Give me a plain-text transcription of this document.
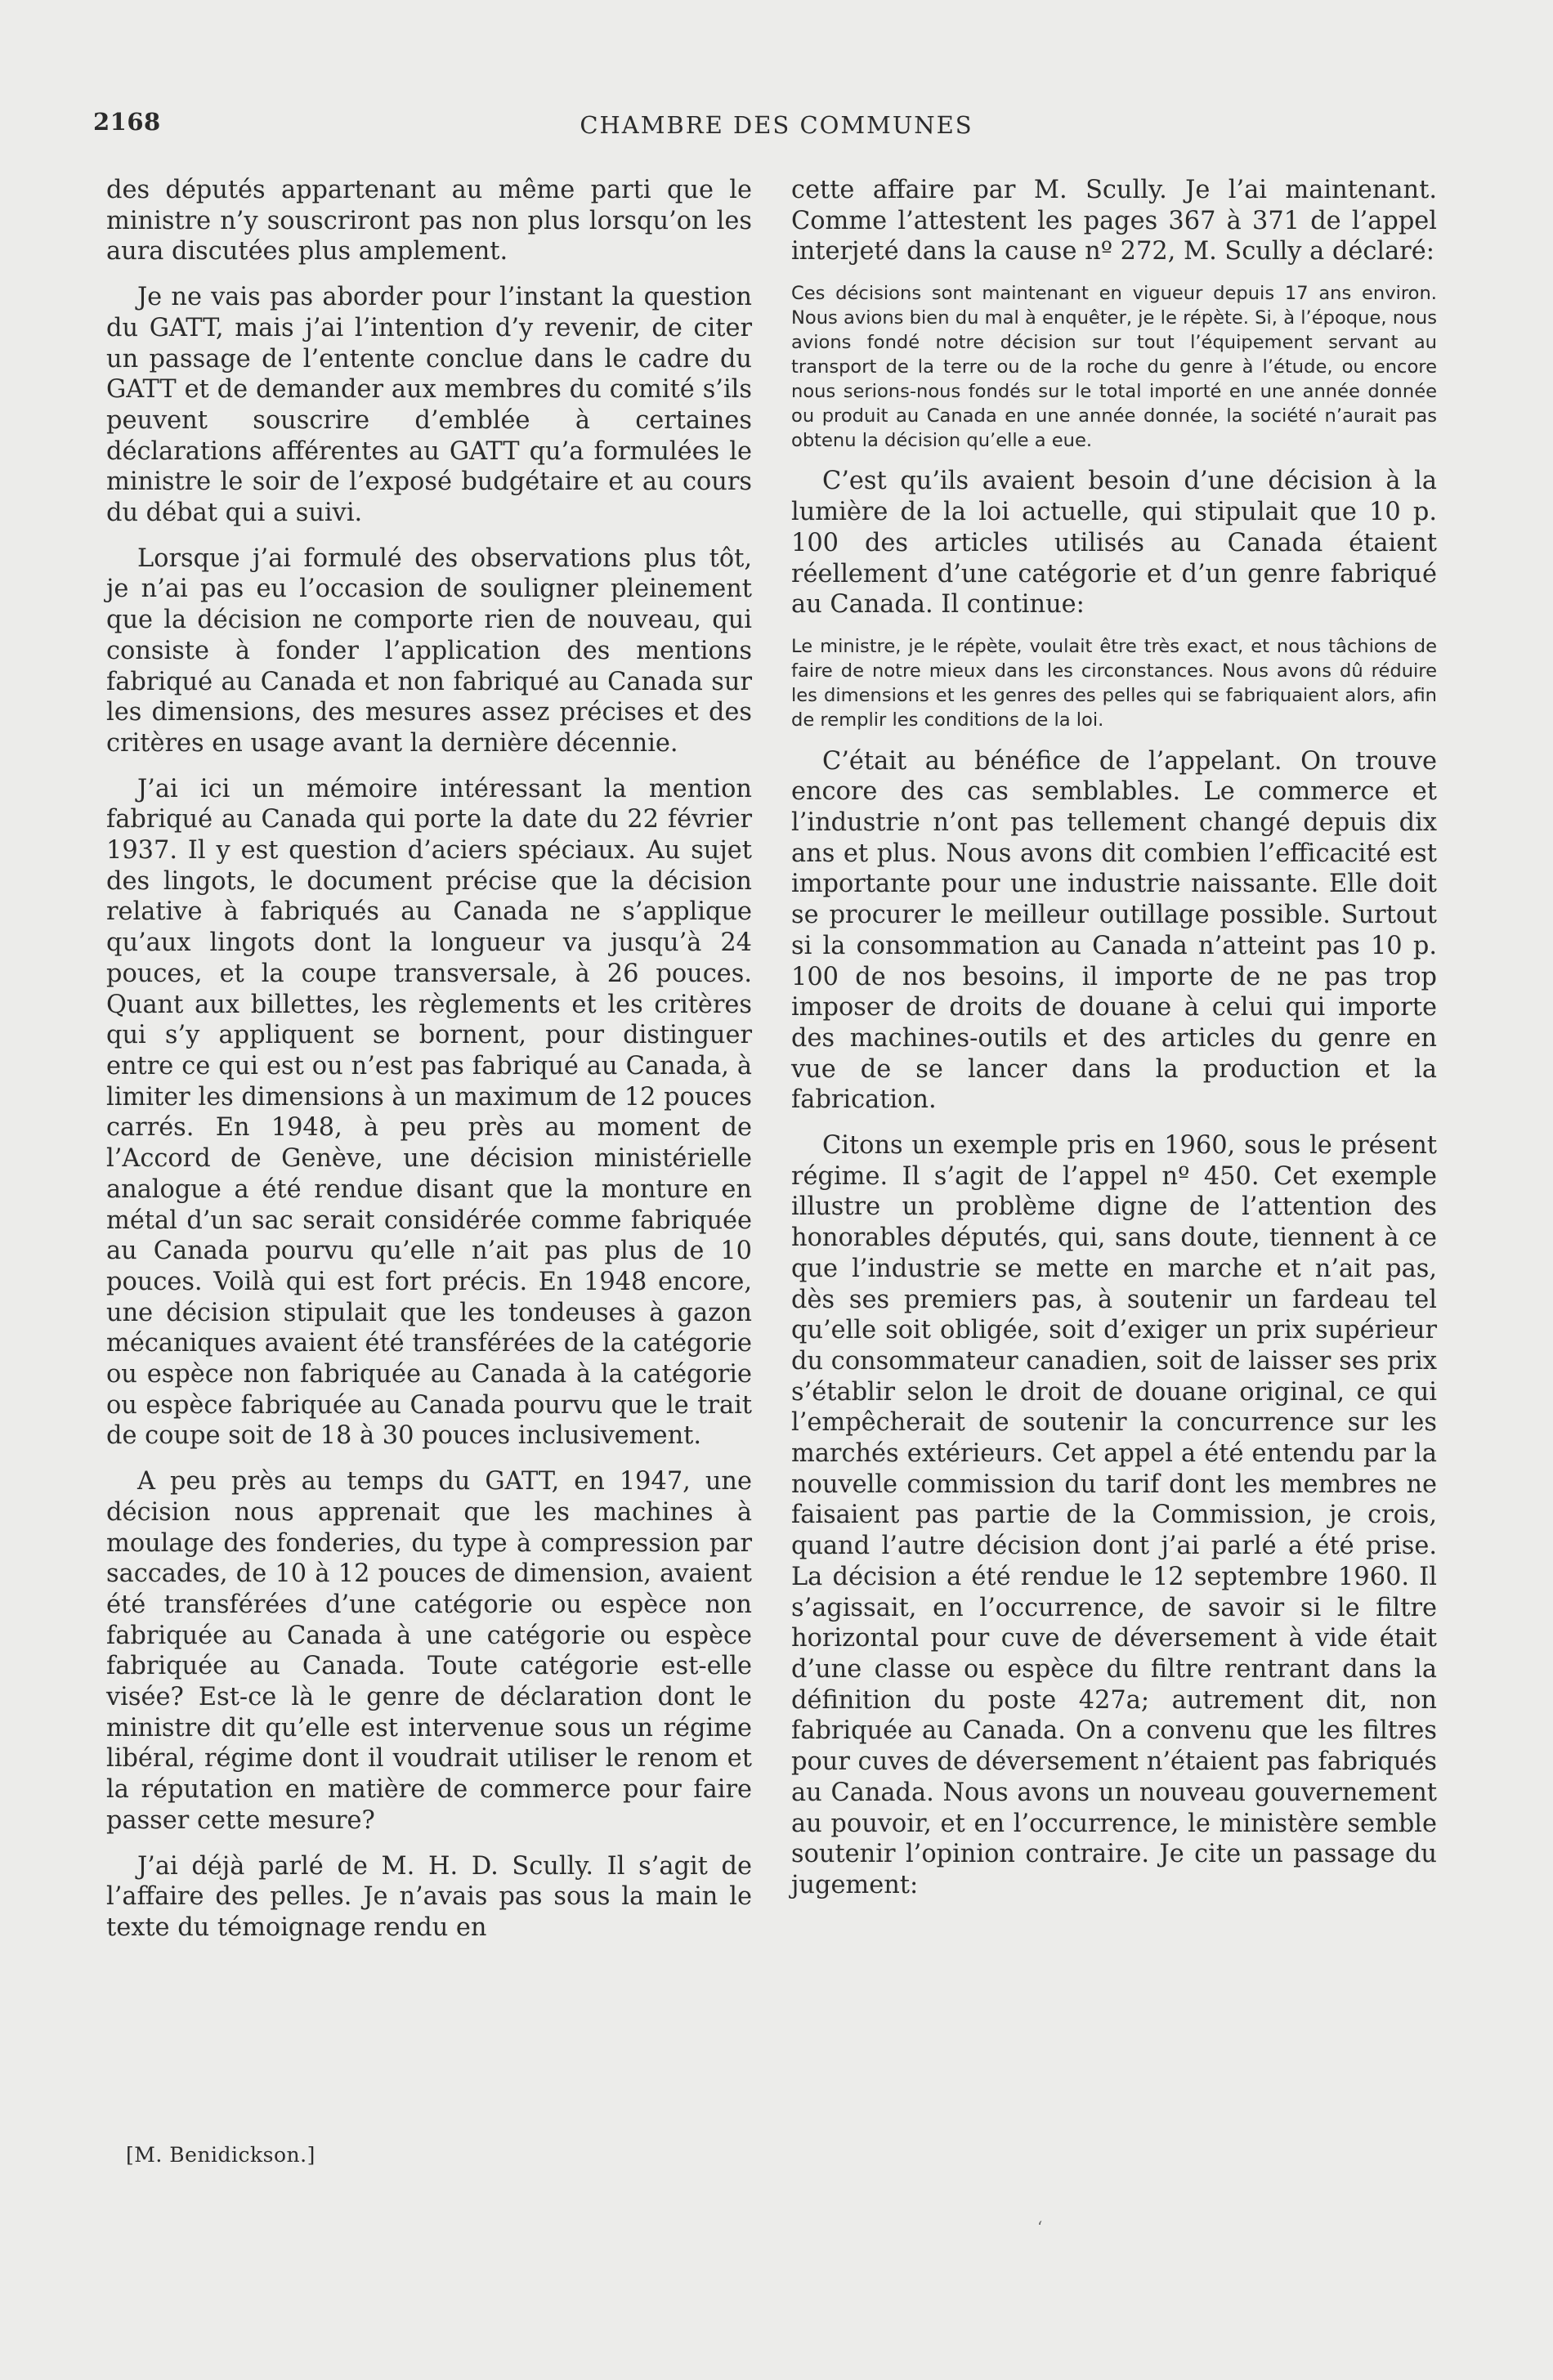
2168	CHAMBRE DES COMMUNES

des députés appartenant au même parti que le ministre n’y souscriront pas non plus lorsqu’on les aura discutées plus amplement.

Je ne vais pas aborder pour l’instant la question du GATT, mais j’ai l’intention d’y revenir, de citer un passage de l’entente conclue dans le cadre du GATT et de demander aux membres du comité s’ils peuvent souscrire d’emblée à certaines déclarations afférentes au GATT qu’a formulées le ministre le soir de l’exposé budgétaire et au cours du débat qui a suivi.

Lorsque j’ai formulé des observations plus tôt, je n’ai pas eu l’occasion de souligner pleinement que la décision ne comporte rien de nouveau, qui consiste à fonder l’application des mentions fabriqué au Canada et non fabriqué au Canada sur les dimensions, des mesures assez précises et des critères en usage avant la dernière décennie.

J’ai ici un mémoire intéressant la mention fabriqué au Canada qui porte la date du 22 février 1937. Il y est question d’aciers spéciaux. Au sujet des lingots, le document précise que la décision relative à fabriqués au Canada ne s’applique qu’aux lingots dont la longueur va jusqu’à 24 pouces, et la coupe transversale, à 26 pouces. Quant aux billettes, les règlements et les critères qui s’y appliquent se bornent, pour distinguer entre ce qui est ou n’est pas fabriqué au Canada, à limiter les dimensions à un maximum de 12 pouces carrés. En 1948, à peu près au moment de l’Accord de Genève, une décision ministérielle analogue a été rendue disant que la monture en métal d’un sac serait considérée comme fabriquée au Canada pourvu qu’elle n’ait pas plus de 10 pouces. Voilà qui est fort précis. En 1948 encore, une décision stipulait que les tondeuses à gazon mécaniques avaient été transférées de la catégorie ou espèce non fabriquée au Canada à la catégorie ou espèce fabriquée au Canada pourvu que le trait de coupe soit de 18 à 30 pouces inclusivement.

A peu près au temps du GATT, en 1947, une décision nous apprenait que les machines à moulage des fonderies, du type à compression par saccades, de 10 à 12 pouces de dimension, avaient été transférées d’une catégorie ou espèce non fabriquée au Canada à une catégorie ou espèce fabriquée au Canada. Toute catégorie est-elle visée? Est-ce là le genre de déclaration dont le ministre dit qu’elle est intervenue sous un régime libéral, régime dont il voudrait utiliser le renom et la réputation en matière de commerce pour faire passer cette mesure?

J’ai déjà parlé de M. H. D. Scully. Il s’agit de l’affaire des pelles. Je n’avais pas sous la main le texte du témoignage rendu en

[M. Benidickson.]

cette affaire par M. Scully. Je l’ai maintenant. Comme l’attestent les pages 367 à 371 de l’appel interjeté dans la cause nº 272, M. Scully a déclaré:

Ces décisions sont maintenant en vigueur depuis 17 ans environ. Nous avions bien du mal à enquêter, je le répète. Si, à l’époque, nous avions fondé notre décision sur tout l’équipement servant au transport de la terre ou de la roche du genre à l’étude, ou encore nous serions-nous fondés sur le total importé en une année donnée ou produit au Canada en une année donnée, la société n’aurait pas obtenu la décision qu’elle a eue.

C’est qu’ils avaient besoin d’une décision à la lumière de la loi actuelle, qui stipulait que 10 p. 100 des articles utilisés au Canada étaient réellement d’une catégorie et d’un genre fabriqué au Canada. Il continue:

Le ministre, je le répète, voulait être très exact, et nous tâchions de faire de notre mieux dans les circonstances. Nous avons dû réduire les dimensions et les genres des pelles qui se fabriquaient alors, afin de remplir les conditions de la loi.

C’était au bénéfice de l’appelant. On trouve encore des cas semblables. Le commerce et l’industrie n’ont pas tellement changé depuis dix ans et plus. Nous avons dit combien l’efficacité est importante pour une industrie naissante. Elle doit se procurer le meilleur outillage possible. Surtout si la consommation au Canada n’atteint pas 10 p. 100 de nos besoins, il importe de ne pas trop imposer de droits de douane à celui qui importe des machines-outils et des articles du genre en vue de se lancer dans la production et la fabrication.

Citons un exemple pris en 1960, sous le présent régime. Il s’agit de l’appel nº 450. Cet exemple illustre un problème digne de l’attention des honorables députés, qui, sans doute, tiennent à ce que l’industrie se mette en marche et n’ait pas, dès ses premiers pas, à soutenir un fardeau tel qu’elle soit obligée, soit d’exiger un prix supérieur du consommateur canadien, soit de laisser ses prix s’établir selon le droit de douane original, ce qui l’empêcherait de soutenir la concurrence sur les marchés extérieurs. Cet appel a été entendu par la nouvelle commission du tarif dont les membres ne faisaient pas partie de la Commission, je crois, quand l’autre décision dont j’ai parlé a été prise. La décision a été rendue le 12 septembre 1960. Il s’agissait, en l’occurrence, de savoir si le filtre horizontal pour cuve de déversement à vide était d’une classe ou espèce du filtre rentrant dans la définition du poste 427a; autrement dit, non fabriquée au Canada. On a convenu que les filtres pour cuves de déversement n’étaient pas fabriqués au Canada. Nous avons un nouveau gouvernement au pouvoir, et en l’occurrence, le ministère semble soutenir l’opinion contraire. Je cite un passage du jugement:

‘
